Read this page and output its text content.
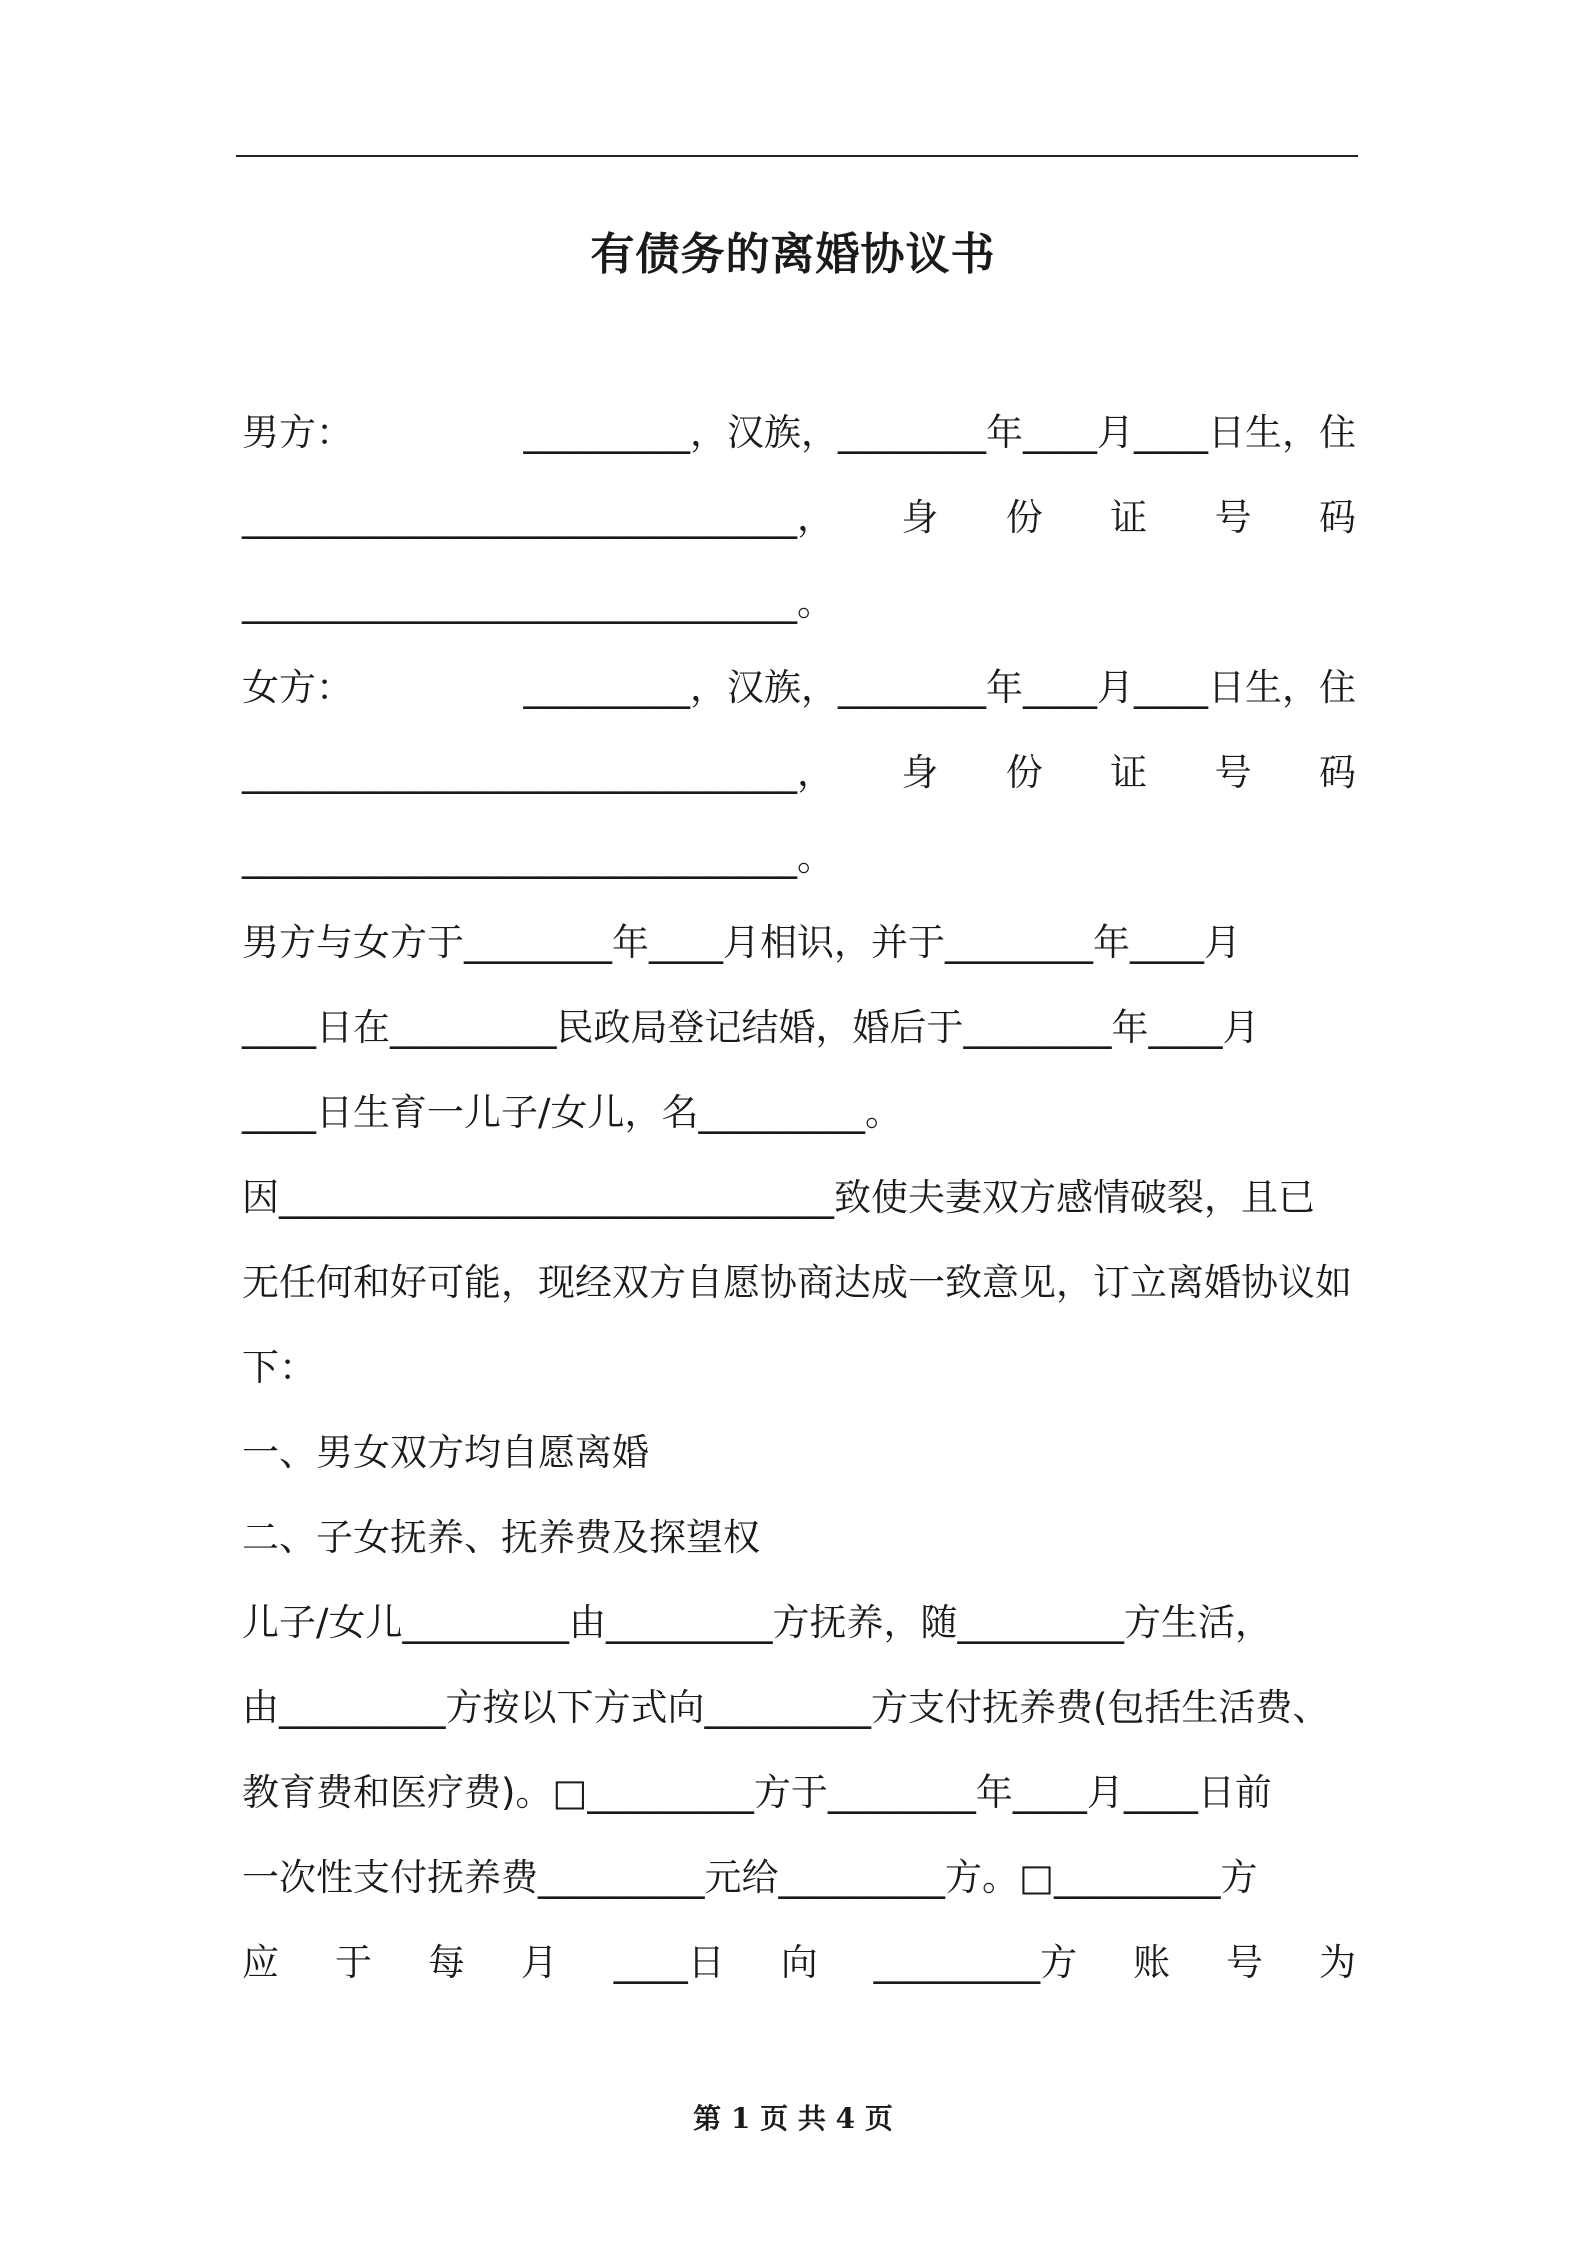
有债务的离婚协议书
男方：	_________，汉族，________年____月____日生，住
______________________________， 身 份 证 号 码
______________________________。
女方：	_________，汉族，________年____月____日生，住
______________________________， 身 份 证 号 码
______________________________。
男方与女方于________年____月相识，并于________年____月
____日在_________民政局登记结婚，婚后于________年____月
____日生育一儿子/女儿，名_________。
因______________________________致使夫妻双方感情破裂，且已
无任何和好可能，现经双方自愿协商达成一致意见，订立离婚协议如
下：
一、男女双方均自愿离婚
二、子女抚养、抚养费及探望权
儿子/女儿_________由_________方抚养，随_________方生活，
由_________方按以下方式向_________方支付抚养费(包括生活费、
教育费和医疗费)。□_________方于________年____月____日前
一次性支付抚养费_________元给_________方。□_________方
应 于 每 月 ____日 向 _________方 账 号 为
第 1 页 共 4 页
